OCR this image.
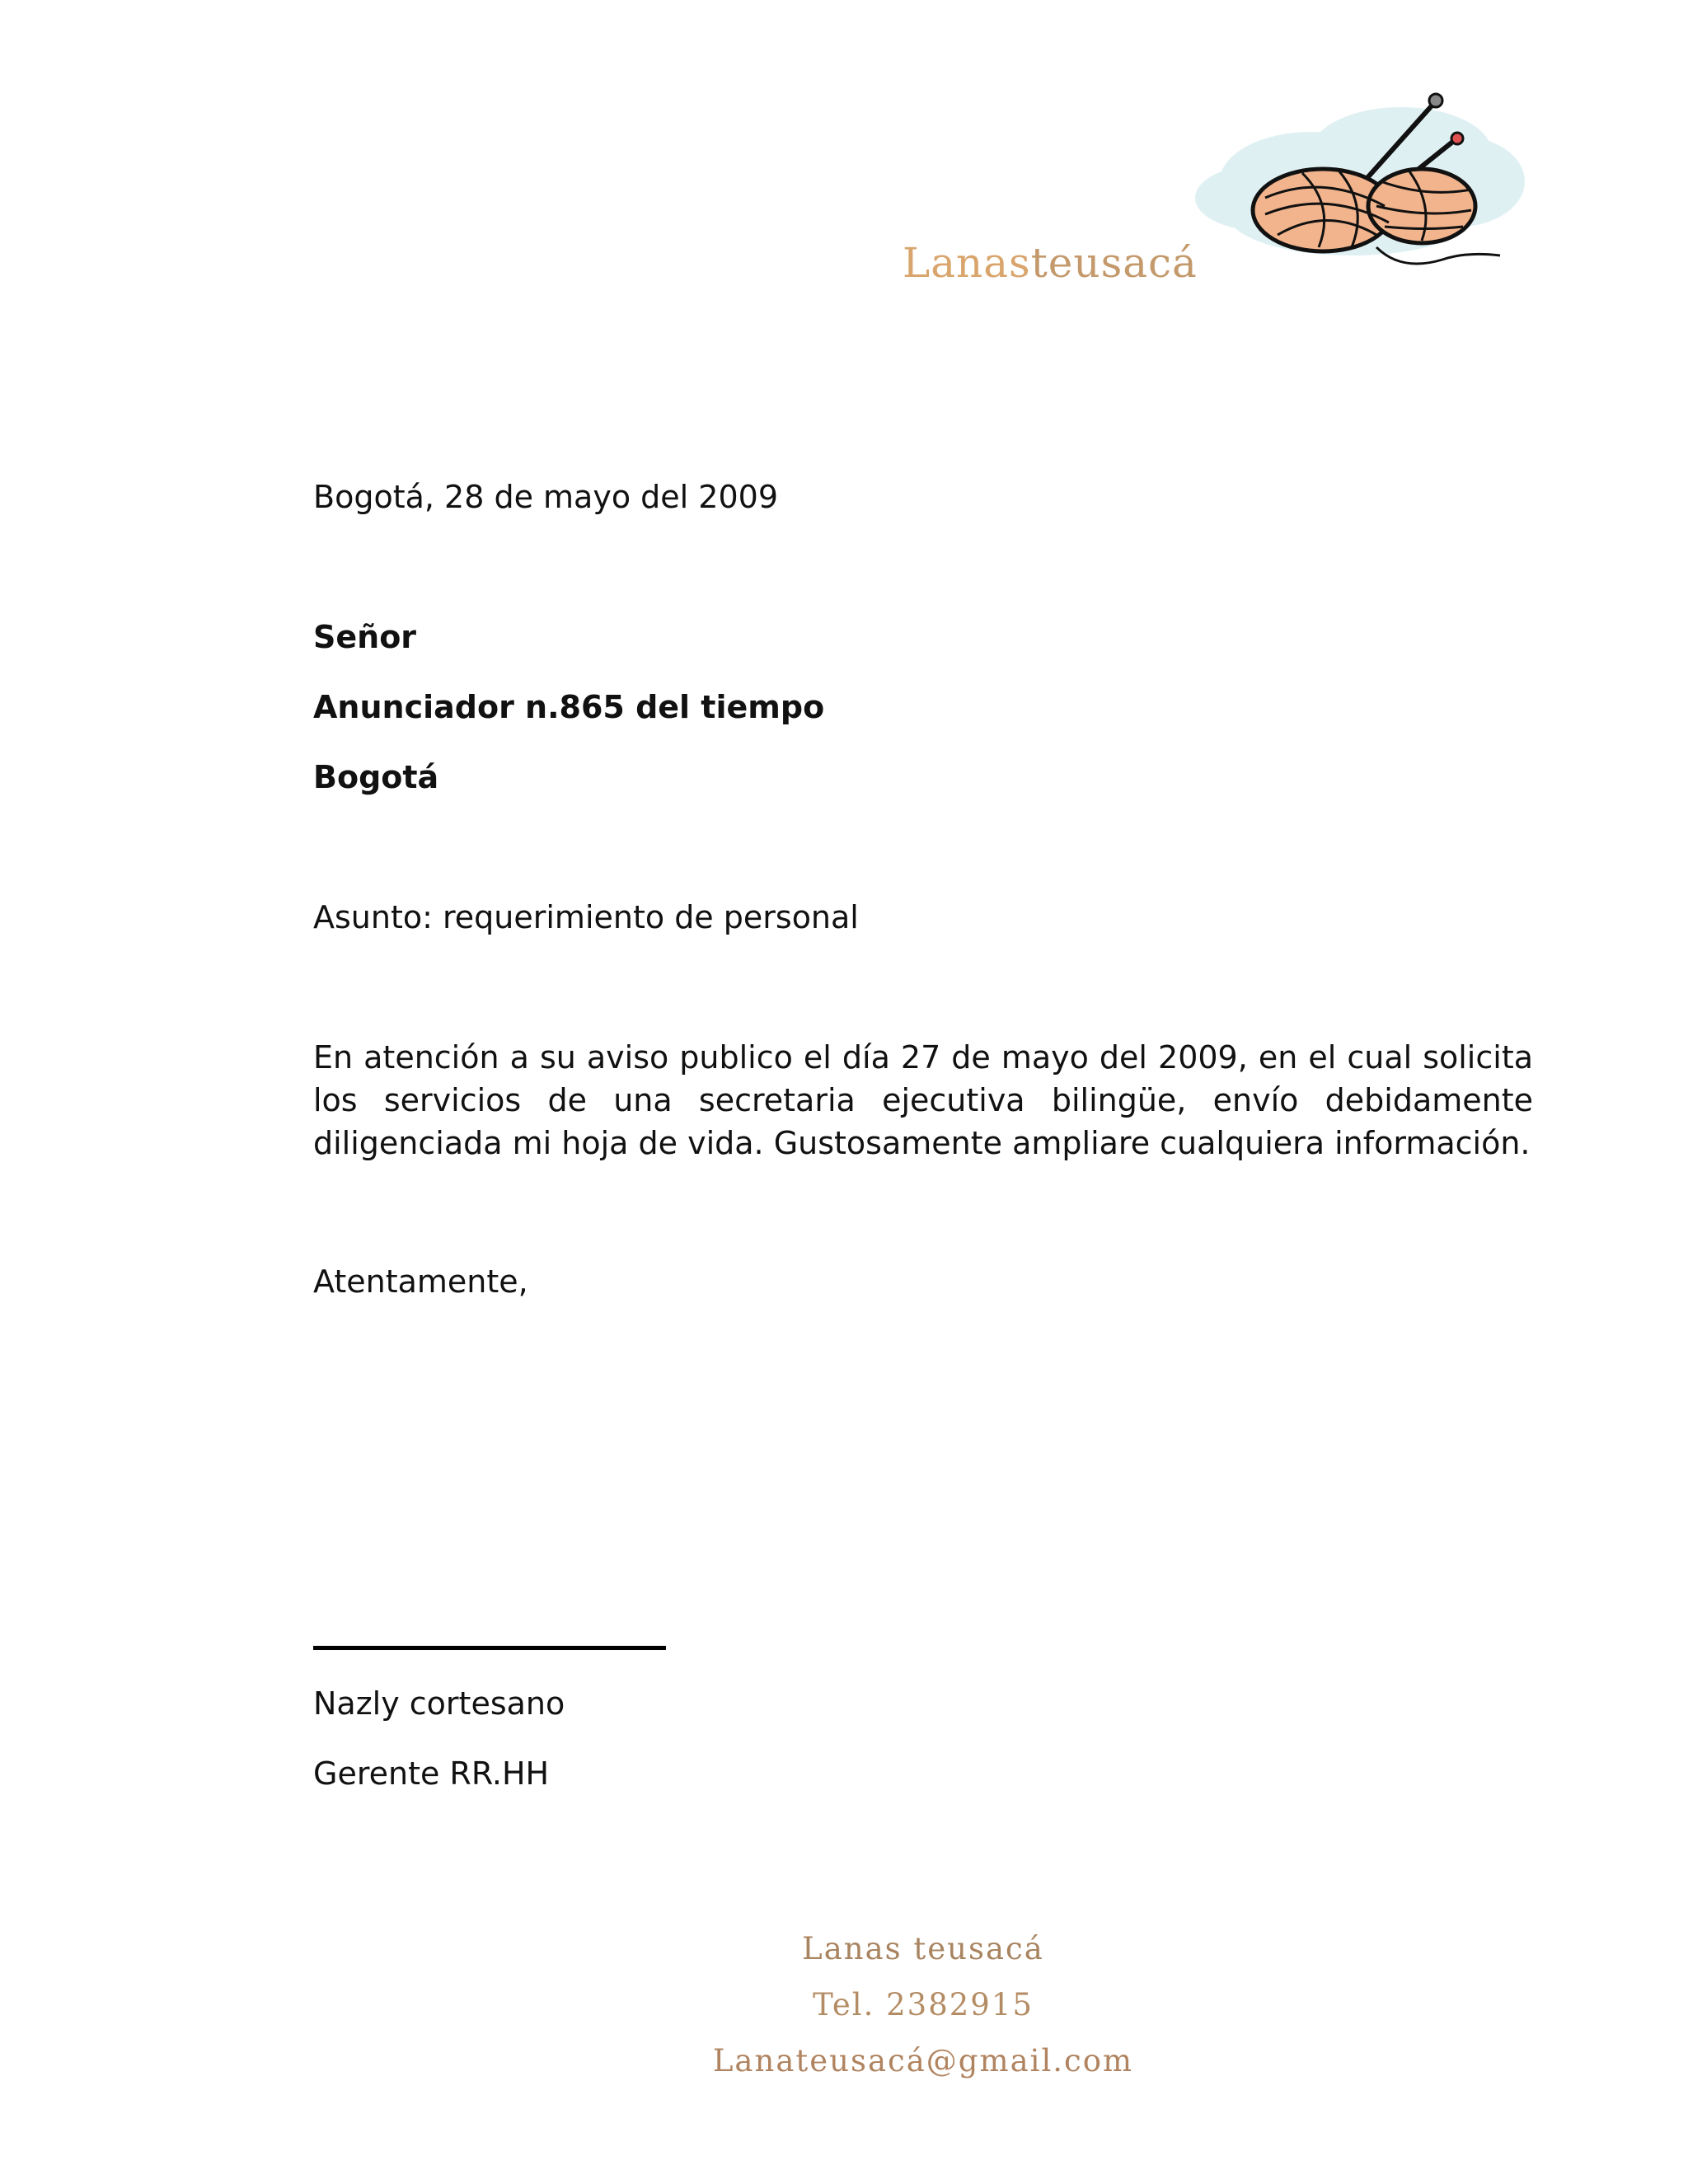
Lanasteusacá
Bogotá, 28 de mayo del 2009
Señor
Anunciador n.865 del tiempo
Bogotá
Asunto: requerimiento de personal
En atención a su aviso publico el día 27 de mayo del 2009, en el cual solicita los servicios de una secretaria ejecutiva bilingüe, envío debidamente diligenciada mi hoja de vida. Gustosamente ampliare cualquiera información.
Atentamente,
Nazly cortesano
Gerente RR.HH
Lanas teusacá
Tel. 2382915
Lanateusacá@gmail.com
